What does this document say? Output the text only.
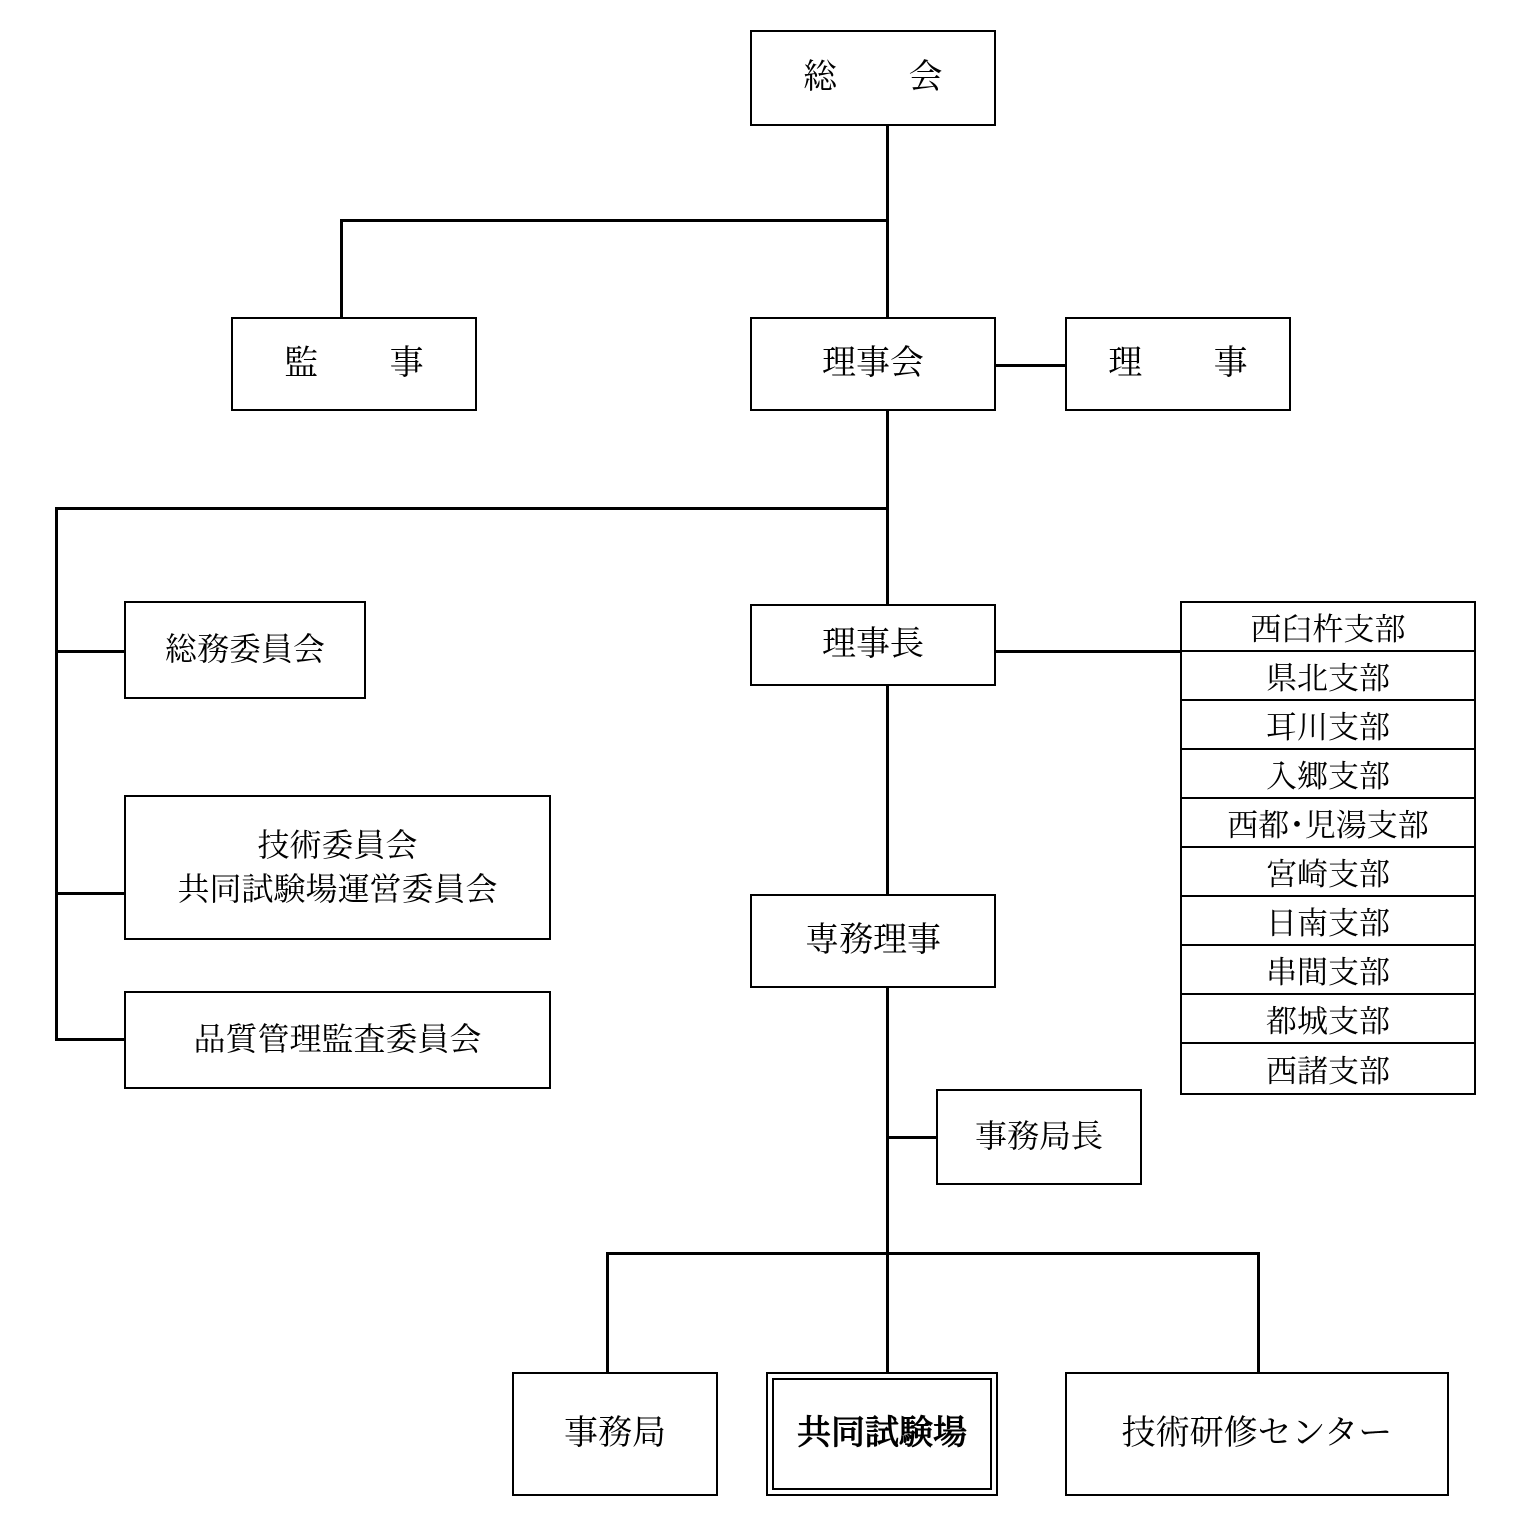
総　会
監　事	理事会	理　事
総務委員会
技術委員会
共同試験場運営委員会
品質管理監査委員会
理事長
専務理事
事務局長
事務局	共同試験場	技術研修センター
西臼杵支部
県北支部
耳川支部
入郷支部
西都･児湯支部
宮崎支部
日南支部
串間支部
都城支部
西諸支部
